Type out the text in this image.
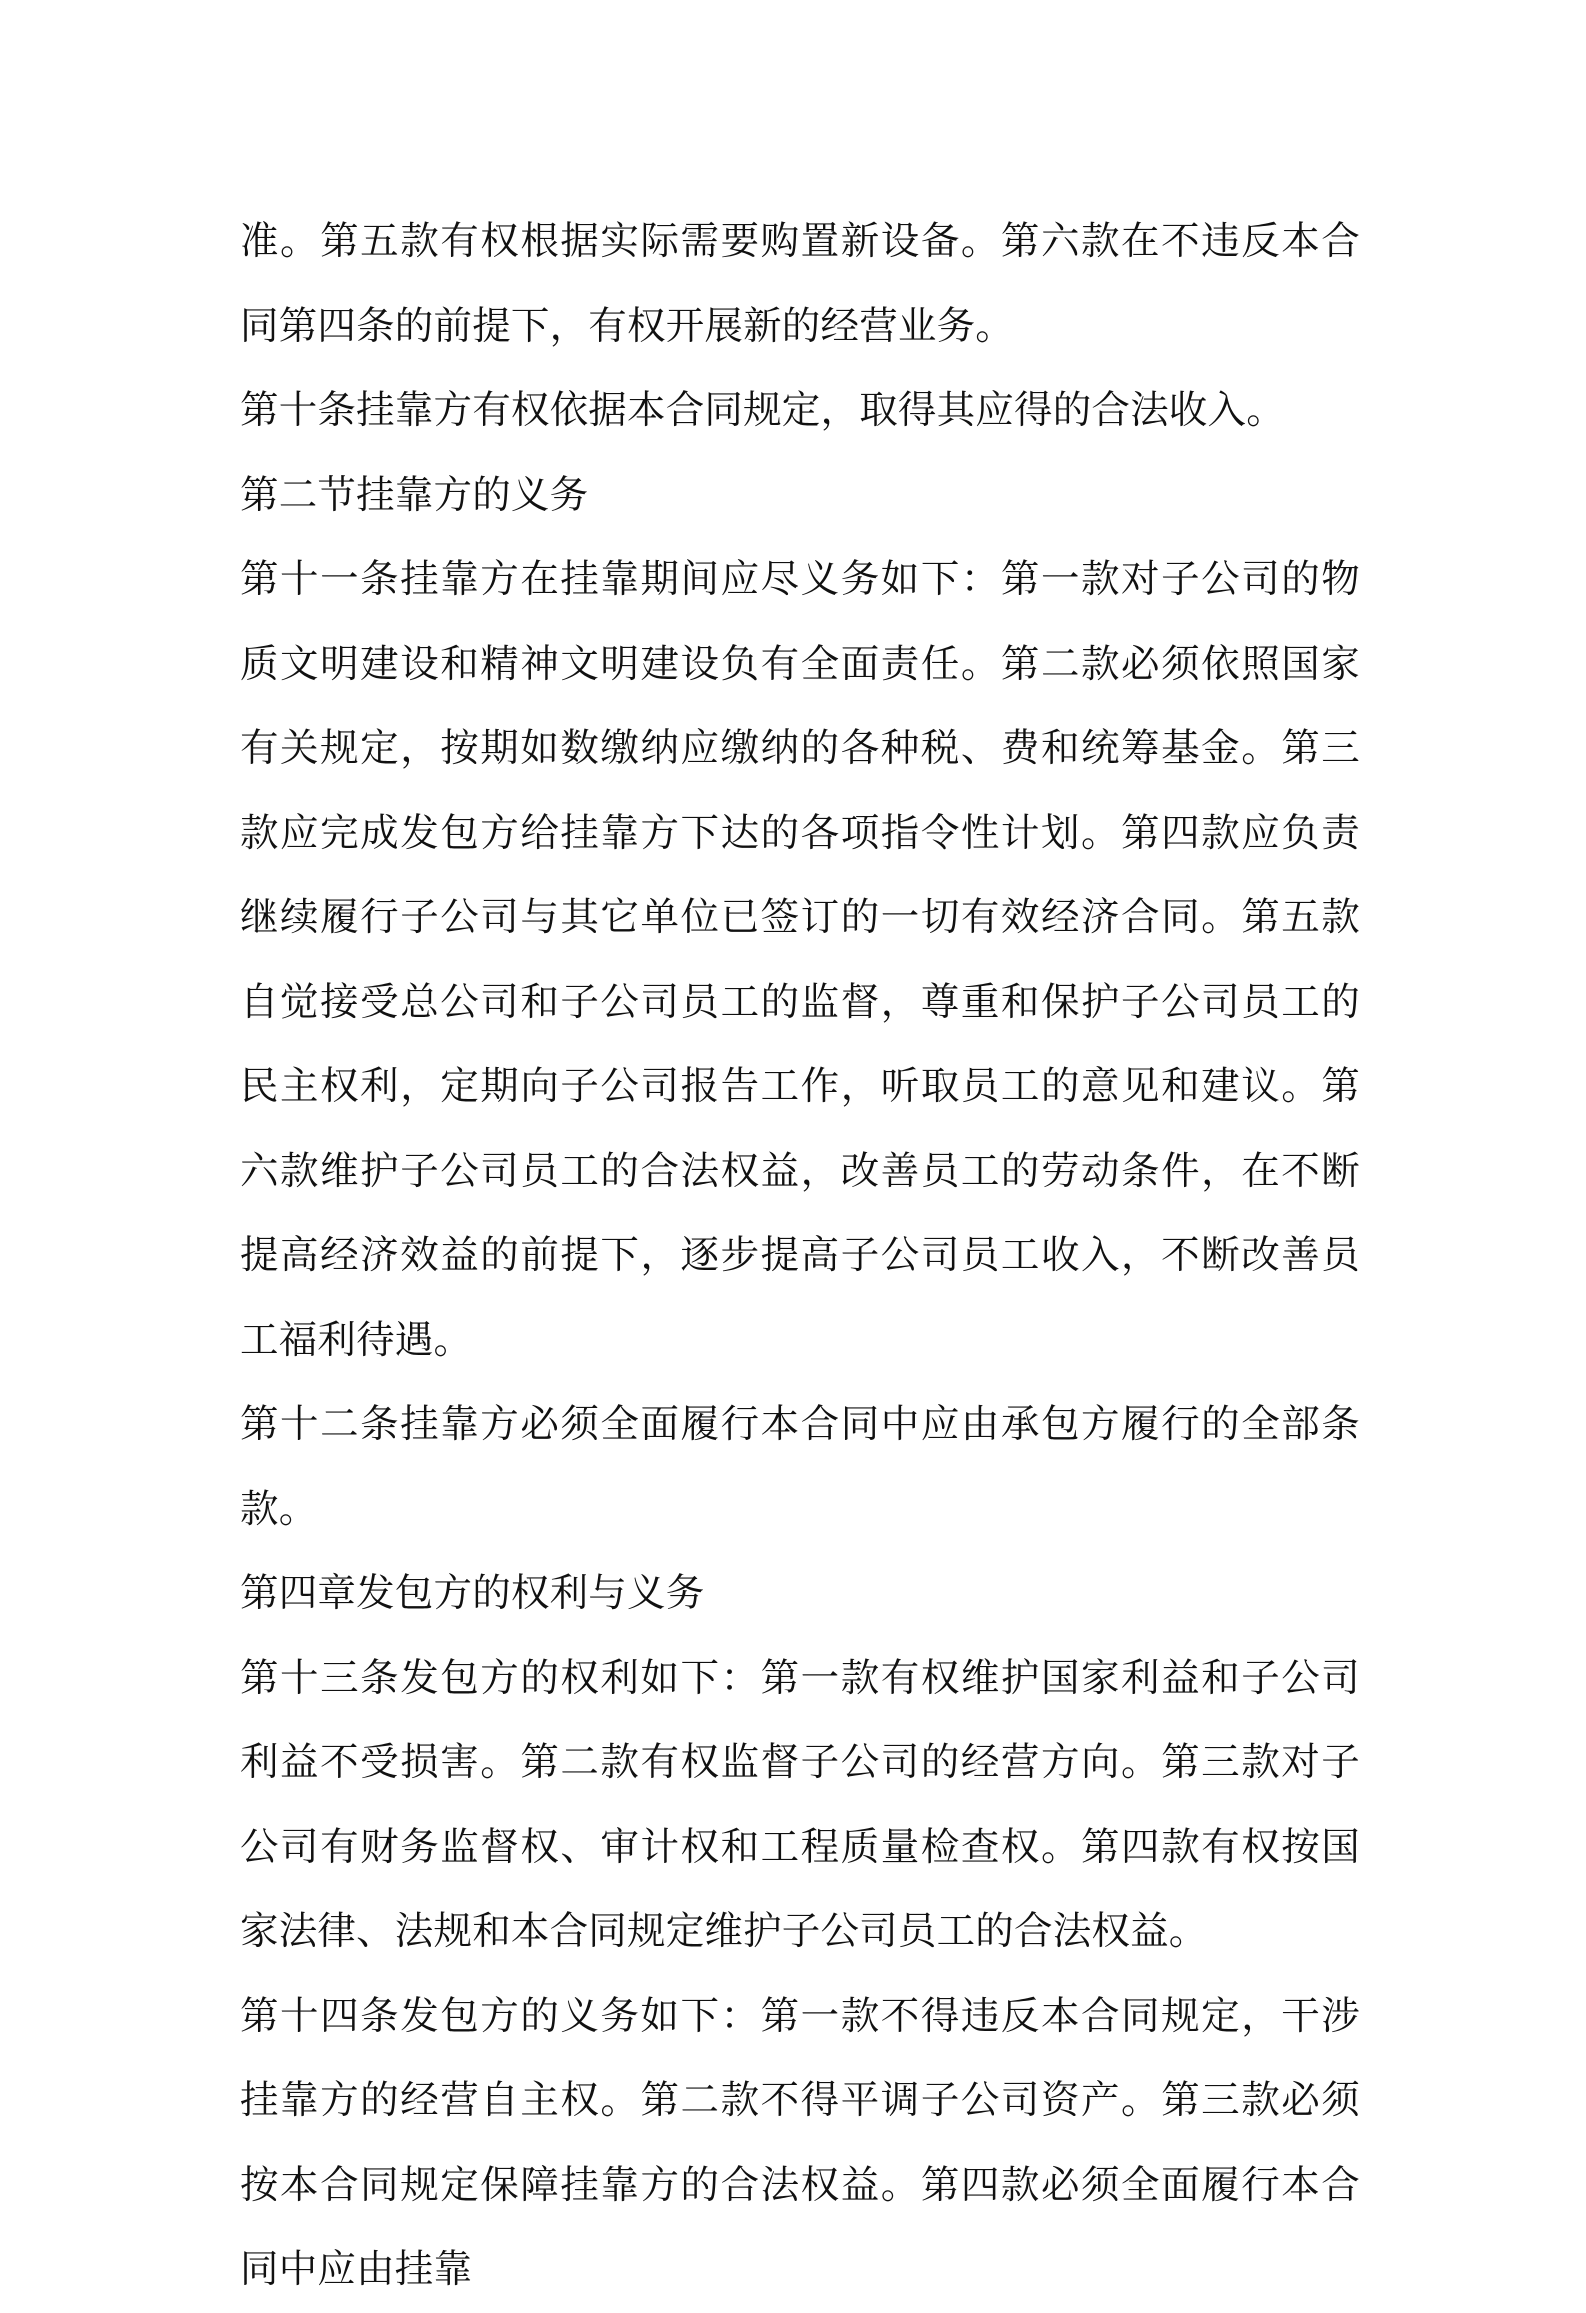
准。第五款有权根据实际需要购置新设备。第六款在不违反本合同第四条的前提下，有权开展新的经营业务。

第十条挂靠方有权依据本合同规定，取得其应得的合法收入。

第二节挂靠方的义务

第十一条挂靠方在挂靠期间应尽义务如下：第一款对子公司的物质文明建设和精神文明建设负有全面责任。第二款必须依照国家有关规定，按期如数缴纳应缴纳的各种税、费和统筹基金。第三款应完成发包方给挂靠方下达的各项指令性计划。第四款应负责继续履行子公司与其它单位已签订的一切有效经济合同。第五款自觉接受总公司和子公司员工的监督，尊重和保护子公司员工的民主权利，定期向子公司报告工作，听取员工的意见和建议。第六款维护子公司员工的合法权益，改善员工的劳动条件，在不断提高经济效益的前提下，逐步提高子公司员工收入，不断改善员工福利待遇。

第十二条挂靠方必须全面履行本合同中应由承包方履行的全部条款。

第四章发包方的权利与义务

第十三条发包方的权利如下：第一款有权维护国家利益和子公司利益不受损害。第二款有权监督子公司的经营方向。第三款对子公司有财务监督权、审计权和工程质量检查权。第四款有权按国家法律、法规和本合同规定维护子公司员工的合法权益。

第十四条发包方的义务如下：第一款不得违反本合同规定，干涉挂靠方的经营自主权。第二款不得平调子公司资产。第三款必须按本合同规定保障挂靠方的合法权益。第四款必须全面履行本合同中应由挂靠
